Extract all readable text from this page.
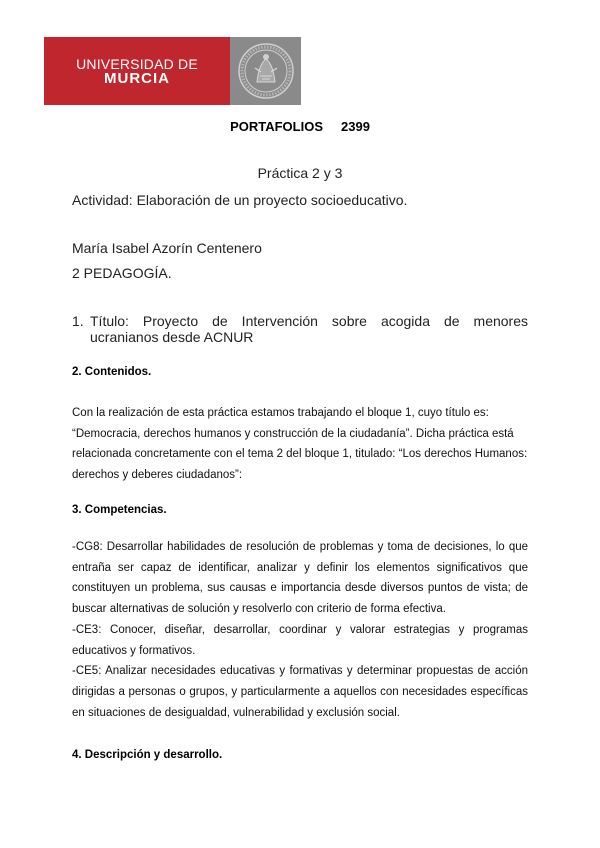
UNIVERSIDAD DE
MURCIA
PORTAFOLIOS 2399
Práctica 2 y 3
Actividad: Elaboración de un proyecto socioeducativo.
María Isabel Azorín Centenero
2 PEDAGOGÍA.
1. Título: Proyecto de Intervención sobre acogida de menores ucranianos desde ACNUR
2. Contenidos.

Con la realización de esta práctica estamos trabajando el bloque 1, cuyo título es: “Democracia, derechos humanos y construcción de la ciudadanía”. Dicha práctica está relacionada concretamente con el tema 2 del bloque 1, titulado: “Los derechos Humanos: derechos y deberes ciudadanos”:

3. Competencias.

-CG8: Desarrollar habilidades de resolución de problemas y toma de decisiones, lo que entraña ser capaz de identificar, analizar y definir los elementos significativos que constituyen un problema, sus causas e importancia desde diversos puntos de vista; de buscar alternativas de solución y resolverlo con criterio de forma efectiva.

-CE3: Conocer, diseñar, desarrollar, coordinar y valorar estrategias y programas educativos y formativos.

-CE5: Analizar necesidades educativas y formativas y determinar propuestas de acción dirigidas a personas o grupos, y particularmente a aquellos con necesidades específicas en situaciones de desigualdad, vulnerabilidad y exclusión social.

4. Descripción y desarrollo.
